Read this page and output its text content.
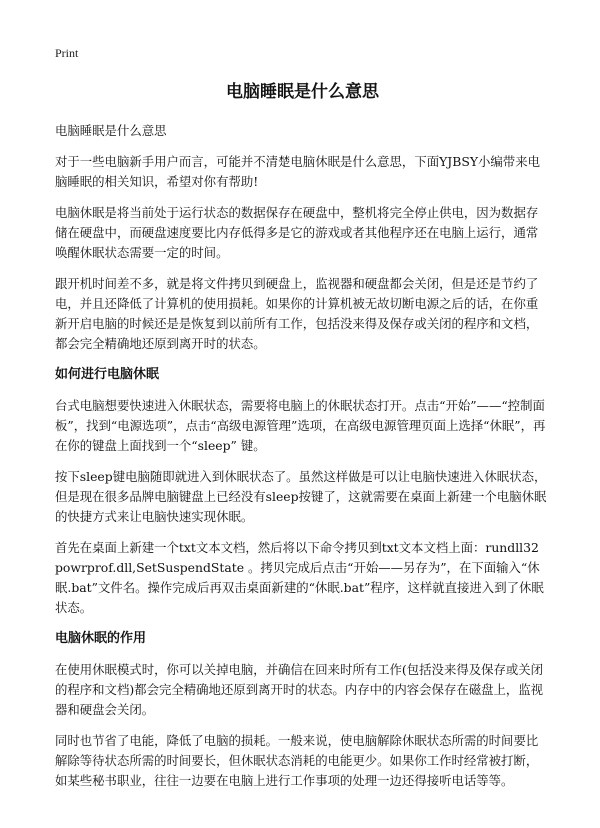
Print
电脑睡眠是什么意思

电脑睡眠是什么意思

对于一些电脑新手用户而言，可能并不清楚电脑休眠是什么意思，下面YJBSY小编带来电脑睡眠的相关知识，希望对你有帮助!

电脑休眠是将当前处于运行状态的数据保存在硬盘中，整机将完全停止供电，因为数据存储在硬盘中，而硬盘速度要比内存低得多是它的游戏或者其他程序还在电脑上运行，通常唤醒休眠状态需要一定的时间。

跟开机时间差不多，就是将文件拷贝到硬盘上，监视器和硬盘都会关闭，但是还是节约了电，并且还降低了计算机的使用损耗。如果你的计算机被无故切断电源之后的话，在你重新开启电脑的时候还是是恢复到以前所有工作，包括没来得及保存或关闭的程序和文档，都会完全精确地还原到离开时的状态。

如何进行电脑休眠

台式电脑想要快速进入休眠状态，需要将电脑上的休眠状态打开。点击“开始”——“控制面板”，找到“电源选项”，点击“高级电源管理”选项，在高级电源管理页面上选择“休眠”，再在你的键盘上面找到一个“sleep” 键。

按下sleep键电脑随即就进入到休眠状态了。虽然这样做是可以让电脑快速进入休眠状态，但是现在很多品牌电脑键盘上已经没有sleep按键了，这就需要在桌面上新建一个电脑休眠的快捷方式来让电脑快速实现休眠。

首先在桌面上新建一个txt文本文档，然后将以下命令拷贝到txt文本文档上面：rundll32 powrprof.dll,SetSuspendState 。拷贝完成后点击“开始——另存为”，在下面输入“休眠.bat”文件名。操作完成后再双击桌面新建的“休眠.bat”程序，这样就直接进入到了休眠状态。

电脑休眠的作用

在使用休眠模式时，你可以关掉电脑，并确信在回来时所有工作(包括没来得及保存或关闭的程序和文档)都会完全精确地还原到离开时的状态。内存中的内容会保存在磁盘上，监视器和硬盘会关闭。

同时也节省了电能，降低了电脑的损耗。一般来说，使电脑解除休眠状态所需的时间要比解除等待状态所需的时间要长，但休眠状态消耗的电能更少。如果你工作时经常被打断，如某些秘书职业，往往一边要在电脑上进行工作事项的处理一边还得接听电话等等。
